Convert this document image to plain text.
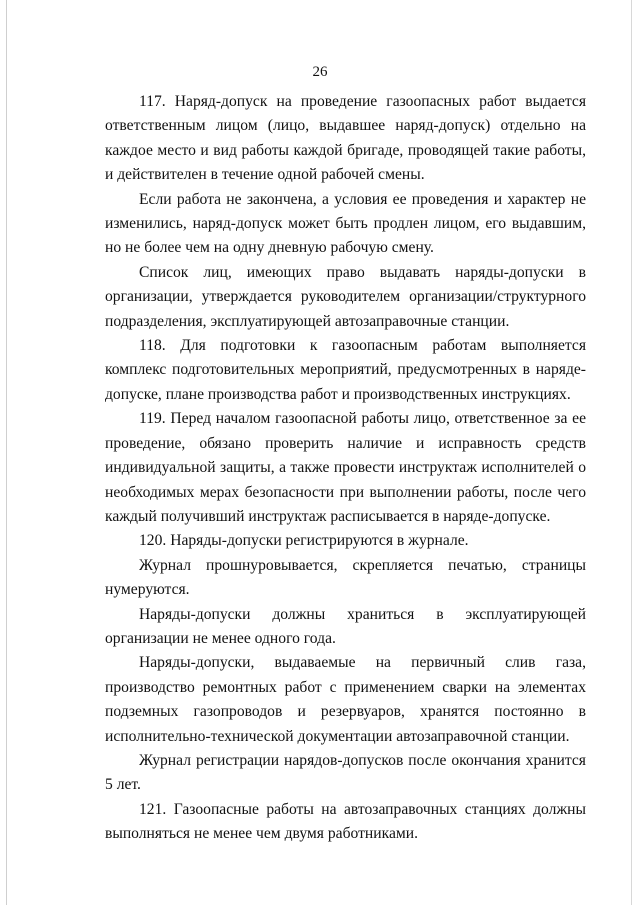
26

117. Наряд-допуск на проведение газоопасных работ выдается ответственным лицом (лицо, выдавшее наряд-допуск) отдельно на каждое место и вид работы каждой бригаде, проводящей такие работы, и действителен в течение одной рабочей смены.

Если работа не закончена, а условия ее проведения и характер не изменились, наряд-допуск может быть продлен лицом, его выдавшим, но не более чем на одну дневную рабочую смену.

Список лиц, имеющих право выдавать наряды-допуски в организации, утверждается руководителем организации/структурного подразделения, эксплуатирующей автозаправочные станции.

118. Для подготовки к газоопасным работам выполняется комплекс подготовительных мероприятий, предусмотренных в наряде-допуске, плане производства работ и производственных инструкциях.

119. Перед началом газоопасной работы лицо, ответственное за ее проведение, обязано проверить наличие и исправность средств индивидуальной защиты, а также провести инструктаж исполнителей о необходимых мерах безопасности при выполнении работы, после чего каждый получивший инструктаж расписывается в наряде-допуске.

120. Наряды-допуски регистрируются в журнале.

Журнал прошнуровывается, скрепляется печатью, страницы нумеруются.

Наряды-допуски должны храниться в эксплуатирующей организации не менее одного года.

Наряды-допуски, выдаваемые на первичный слив газа, производство ремонтных работ с применением сварки на элементах подземных газопроводов и резервуаров, хранятся постоянно в исполнительно-технической документации автозаправочной станции.

Журнал регистрации нарядов-допусков после окончания хранится 5 лет.

121. Газоопасные работы на автозаправочных станциях должны выполняться не менее чем двумя работниками.
